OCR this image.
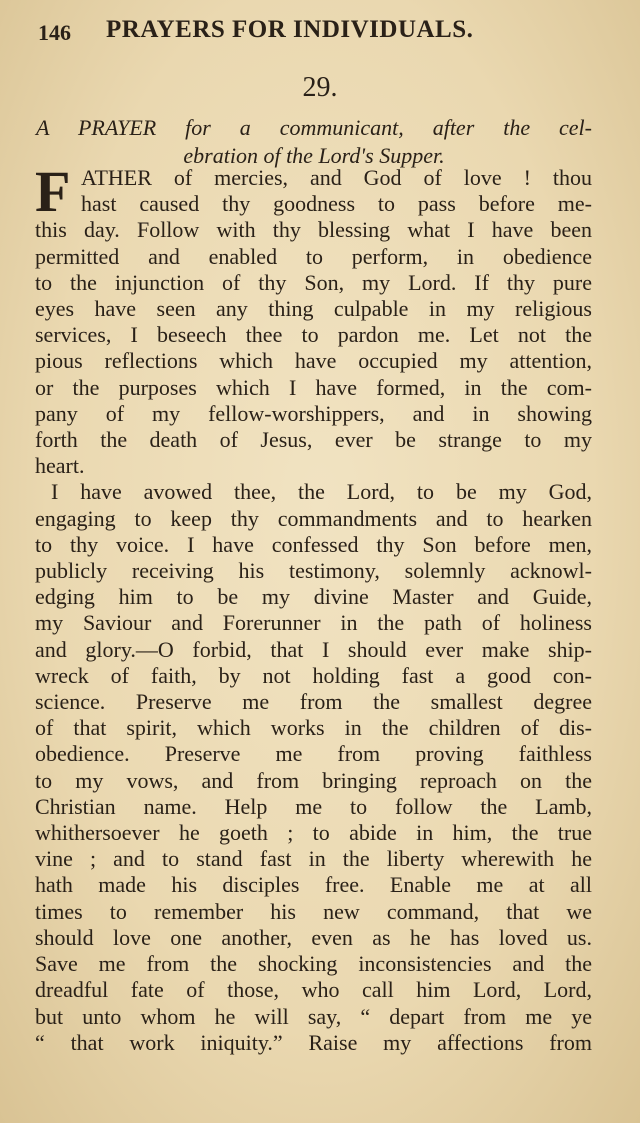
146 PRAYERS FOR INDIVIDUALS.
29.
A PRAYER for a communicant, after the cel-
ebration of the Lord's Supper.
F ATHER of mercies, and God of love ! thou
hast caused thy goodness to pass before me-
this day. Follow with thy blessing what I have been
permitted and enabled to perform, in obedience
to the injunction of thy Son, my Lord. If thy pure
eyes have seen any thing culpable in my religious
services, I beseech thee to pardon me. Let not the
pious reflections which have occupied my attention,
or the purposes which I have formed, in the com-
pany of my fellow-worshippers, and in showing
forth the death of Jesus, ever be strange to my
heart.
I have avowed thee, the Lord, to be my God,
engaging to keep thy commandments and to hearken
to thy voice. I have confessed thy Son before men,
publicly receiving his testimony, solemnly acknowl-
edging him to be my divine Master and Guide,
my Saviour and Forerunner in the path of holiness
and glory.—O forbid, that I should ever make ship-
wreck of faith, by not holding fast a good con-
science. Preserve me from the smallest degree
of that spirit, which works in the children of dis-
obedience. Preserve me from proving faithless
to my vows, and from bringing reproach on the
Christian name. Help me to follow the Lamb,
whithersoever he goeth ; to abide in him, the true
vine ; and to stand fast in the liberty wherewith he
hath made his disciples free. Enable me at all
times to remember his new command, that we
should love one another, even as he has loved us.
Save me from the shocking inconsistencies and the
dreadful fate of those, who call him Lord, Lord,
but unto whom he will say, “ depart from me ye
“ that work iniquity.” Raise my affections from
